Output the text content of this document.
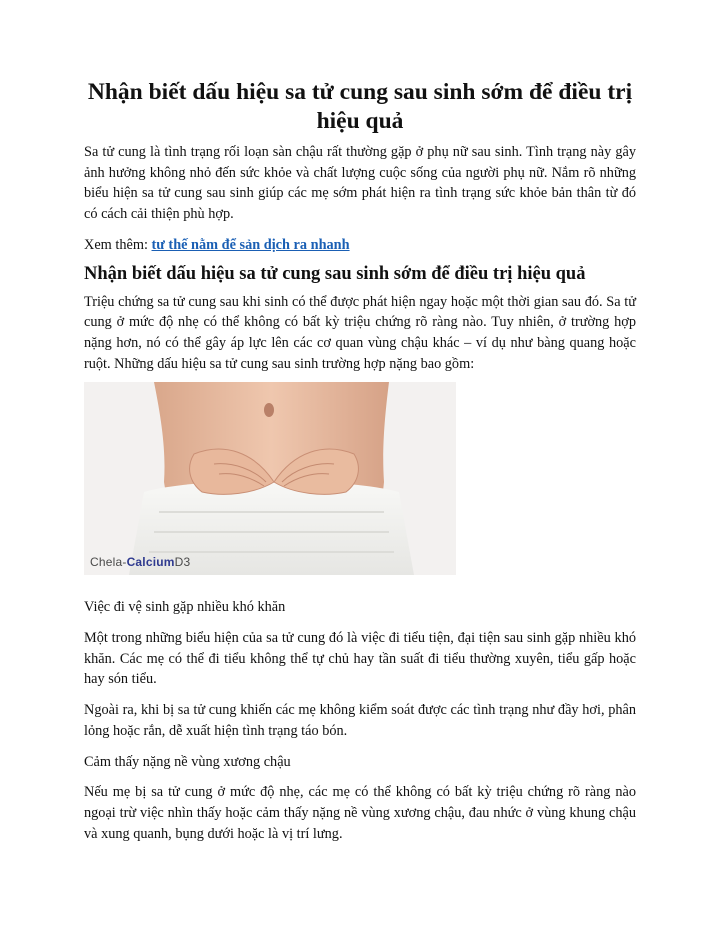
Nhận biết dấu hiệu sa tử cung sau sinh sớm để điều trị hiệu quả

Sa tử cung là tình trạng rối loạn sàn chậu rất thường gặp ở phụ nữ sau sinh. Tình trạng này gây ảnh hưởng không nhỏ đến sức khỏe và chất lượng cuộc sống của người phụ nữ. Nắm rõ những biểu hiện sa tử cung sau sinh giúp các mẹ sớm phát hiện ra tình trạng sức khỏe bản thân từ đó có cách cải thiện phù hợp.

Xem thêm: tư thế nằm để sản dịch ra nhanh

Nhận biết dấu hiệu sa tử cung sau sinh sớm để điều trị hiệu quả

Triệu chứng sa tử cung sau khi sinh có thể được phát hiện ngay hoặc một thời gian sau đó. Sa tử cung ở mức độ nhẹ có thể không có bất kỳ triệu chứng rõ ràng nào. Tuy nhiên, ở trường hợp nặng hơn, nó có thể gây áp lực lên các cơ quan vùng chậu khác – ví dụ như bàng quang hoặc ruột. Những dấu hiệu sa tử cung sau sinh trường hợp nặng bao gồm:

Chela-CalciumD3

Việc đi vệ sinh gặp nhiều khó khăn

Một trong những biểu hiện của sa tử cung đó là việc đi tiểu tiện, đại tiện sau sinh gặp nhiều khó khăn. Các mẹ có thể đi tiểu không thể tự chủ hay tần suất đi tiểu thường xuyên, tiểu gấp hoặc hay són tiểu.

Ngoài ra, khi bị sa tử cung khiến các mẹ không kiểm soát được các tình trạng như đầy hơi, phân lỏng hoặc rắn, dễ xuất hiện tình trạng táo bón.

Cảm thấy nặng nề vùng xương chậu

Nếu mẹ bị sa tử cung ở mức độ nhẹ, các mẹ có thể không có bất kỳ triệu chứng rõ ràng nào ngoại trừ việc nhìn thấy hoặc cảm thấy nặng nề vùng xương chậu, đau nhức ở vùng khung chậu và xung quanh, bụng dưới hoặc là vị trí lưng.
